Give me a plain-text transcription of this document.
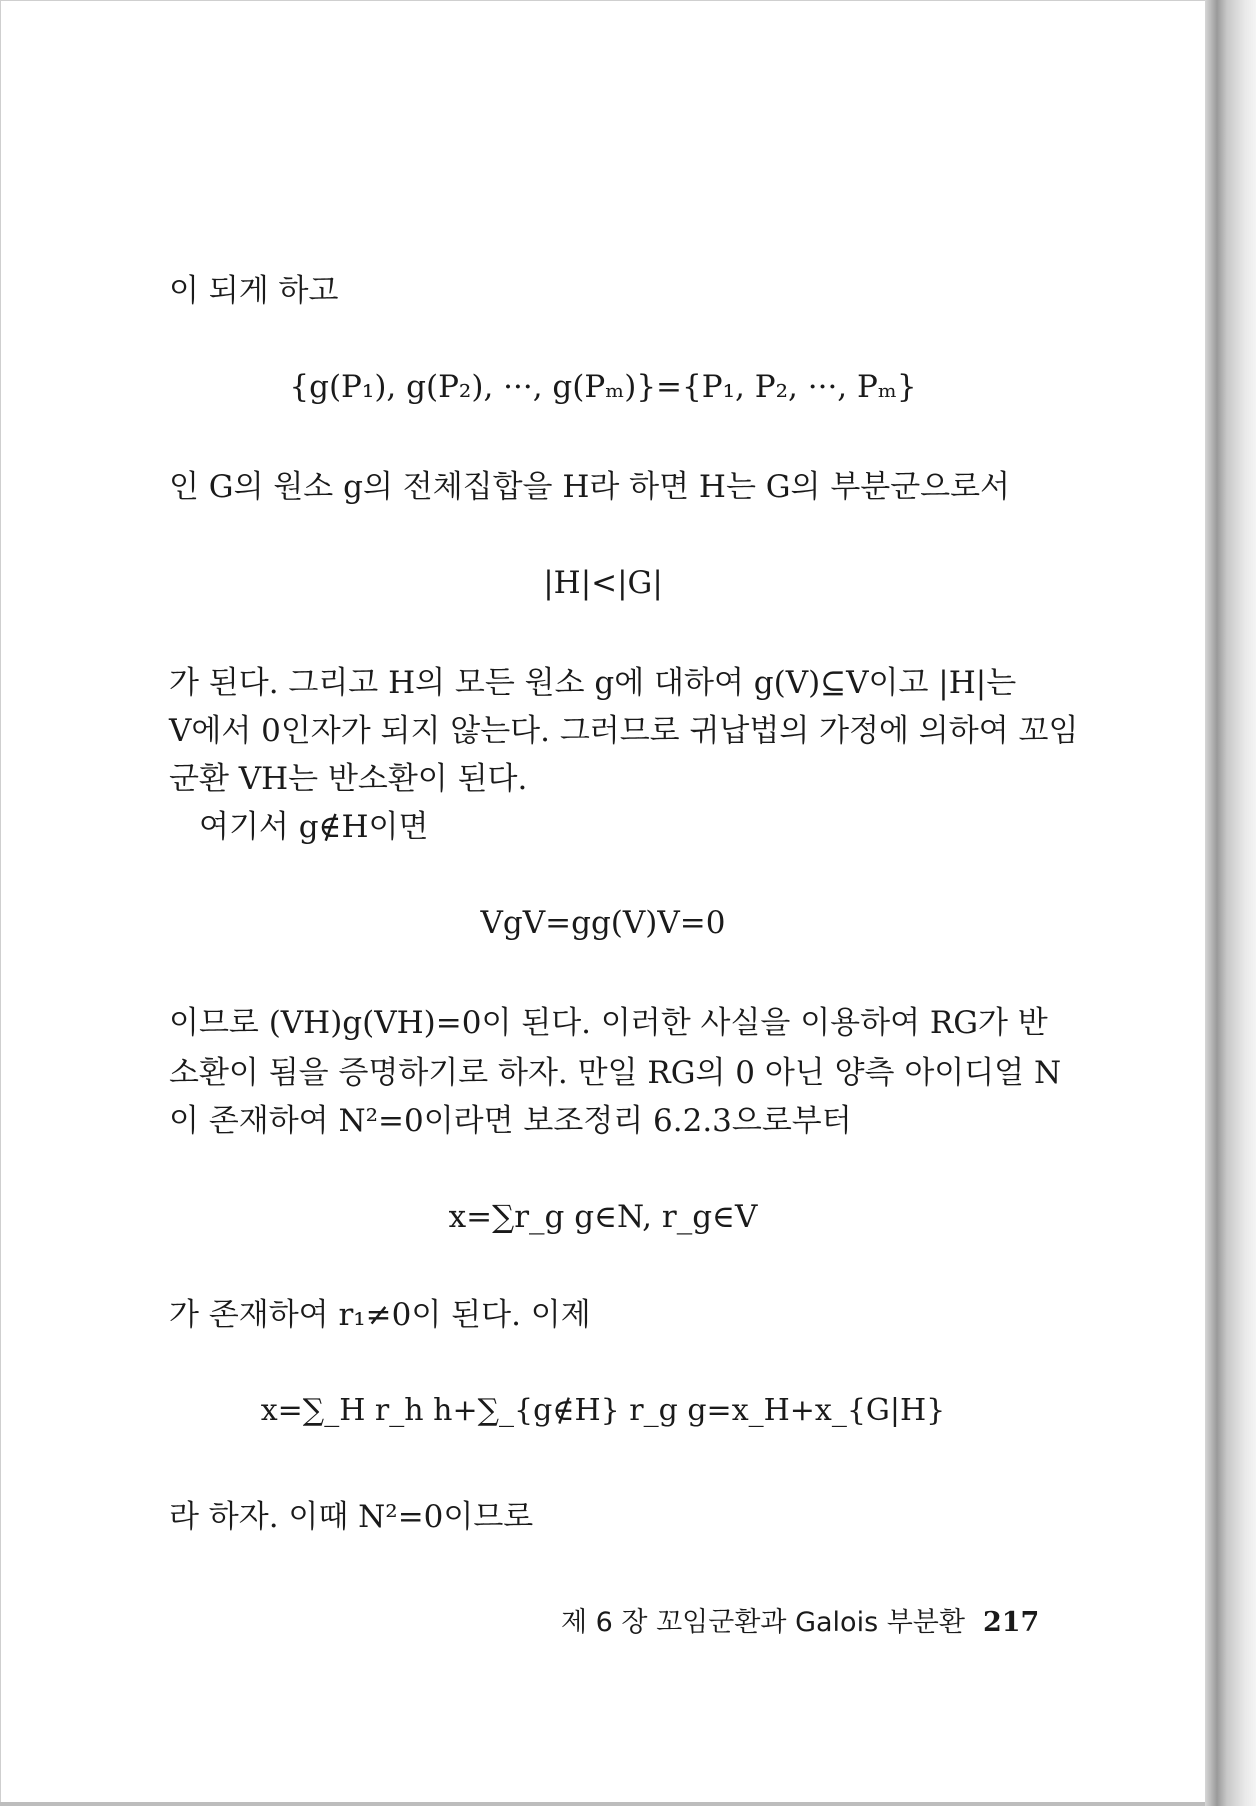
이 되게 하고
{g(P₁), g(P₂), ···, g(Pₘ)}={P₁, P₂, ···, Pₘ}
인 G의 원소 g의 전체집합을 H라 하면 H는 G의 부분군으로서
|H|<|G|
가 된다. 그리고 H의 모든 원소 g에 대하여 g(V)⊆V이고 |H|는
V에서 0인자가 되지 않는다. 그러므로 귀납법의 가정에 의하여 꼬임
군환 VH는 반소환이 된다.
여기서 g∉H이면
VgV=gg(V)V=0
이므로 (VH)g(VH)=0이 된다. 이러한 사실을 이용하여 RG가 반
소환이 됨을 증명하기로 하자. 만일 RG의 0 아닌 양측 아이디얼 N
이 존재하여 N²=0이라면 보조정리 6.2.3으로부터
x=∑r_g g∈N, r_g∈V
가 존재하여 r₁≠0이 된다. 이제
x=∑_H r_h h+∑_{g∉H} r_g g=x_H+x_{G|H}
라 하자. 이때 N²=0이므로
제 6 장 꼬임군환과 Galois 부분환 217
